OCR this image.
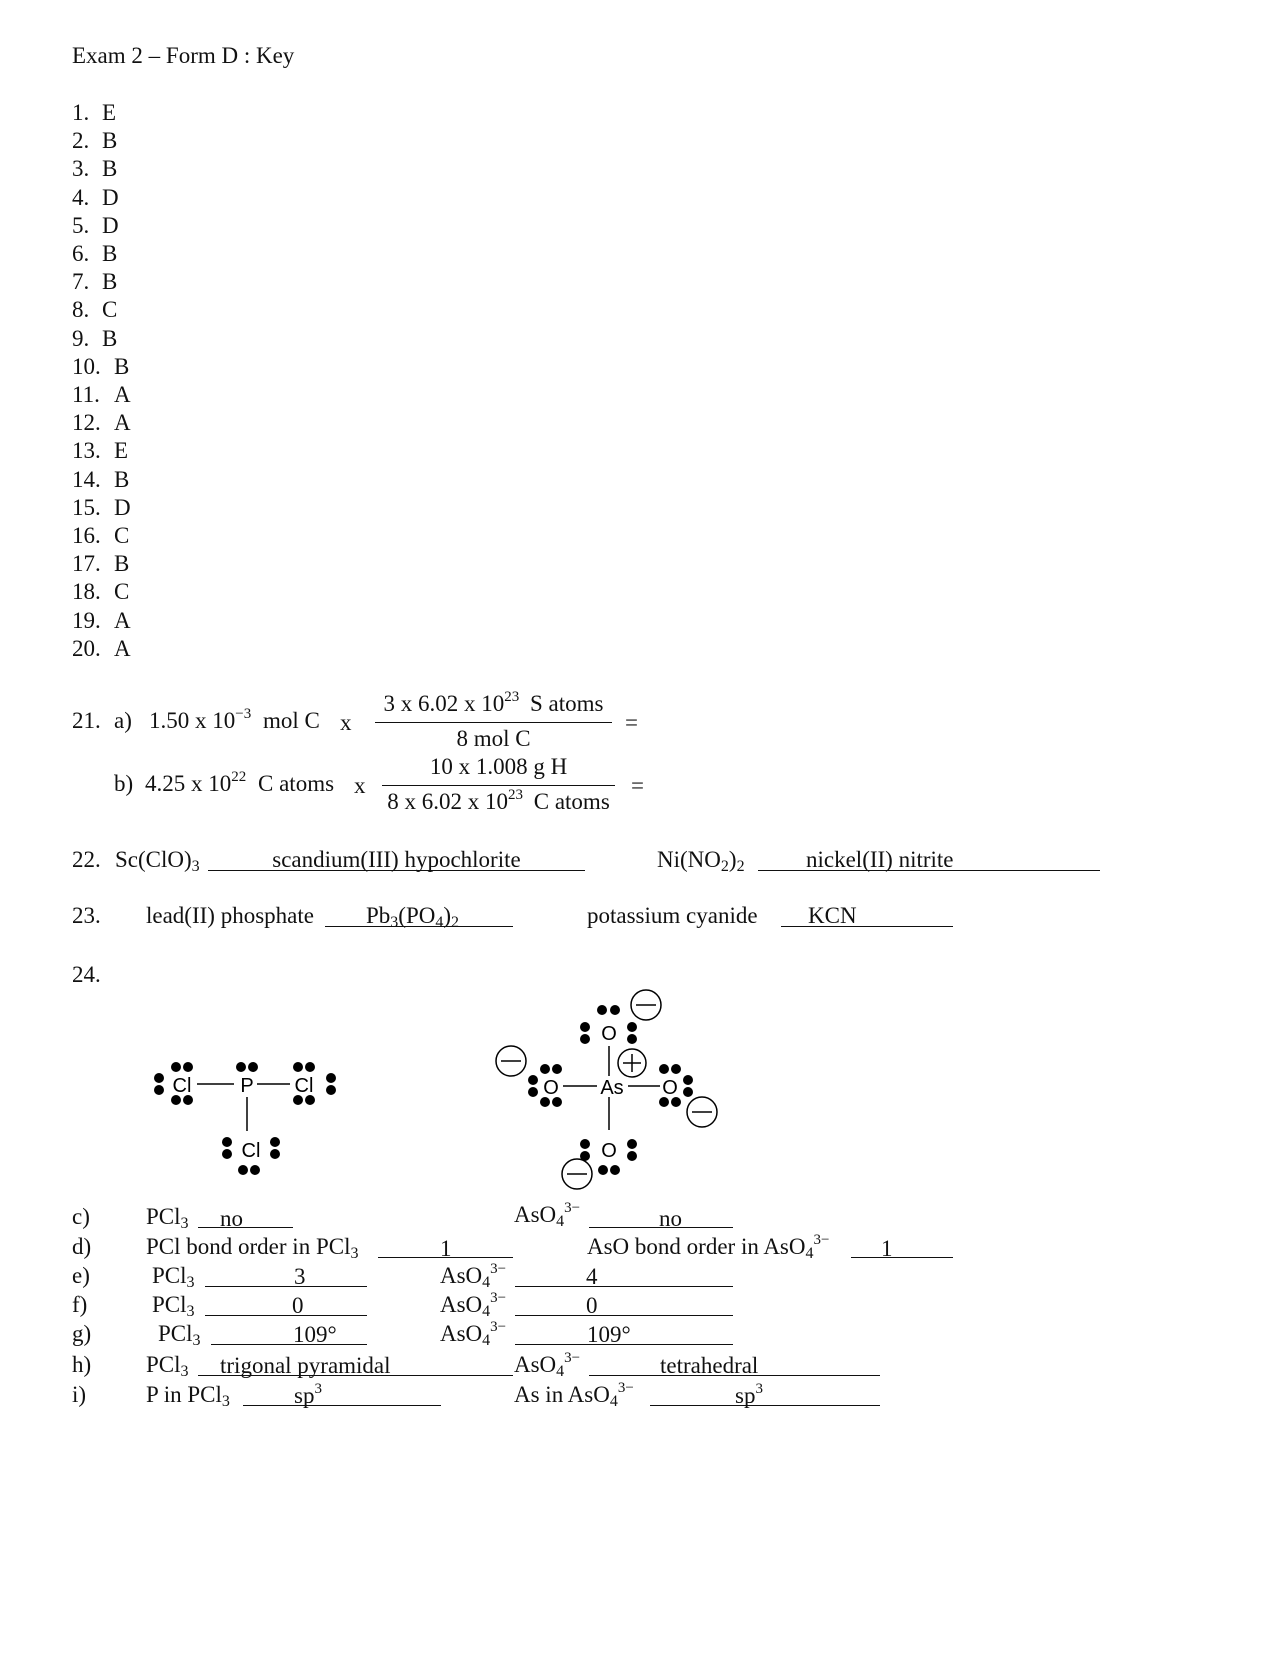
Exam 2 – Form D : Key
1. E
2. B
3. B
4. D
5. D
6. B
7. B
8. C
9. B
10. B
11. A
12. A
13. E
14. B
15. D
16. C
17. B
18. C
19. A
20. A
21. a) 1.50 x $10^{-3}$ mol C x
3 x 6.02 x $10^{23}$ S atoms
8 mol C
=
b) 4.25 x $10^{22}$ C atoms x
10 x 1.008 g H
8 x 6.02 x $10^{23}$ C atoms
=
22. $Sc(ClO)_3$	scandium(III) hypochlorite	$Ni(NO_2)_2$	nickel(II) nitrite
23. lead(II) phosphate $Pb_3(PO_4)_2$	potassium cyanide KCN
24.
Cl P Cl
Cl
O
O As O
O
c) PCl$_3$ no	AsO$_4^{3-}$	no
d) PCl bond order in PCl$_3$	1	AsO bond order in AsO$_4^{3-}$ 1
e)	PCl$_3$	3	AsO$_4^{3-}$	4
f)	PCl$_3$	0	AsO$_4^{3-}$	0
g)	PCl$_3$	109°	AsO$_4^{3-}$	109°
h) PCl$_3$ trigonal pyramidal	AsO$_4^{3-}$	tetrahedral
i)	P in PCl$_3$	$sp^3$	As in AsO$_4^{3-}$	$sp^3$
